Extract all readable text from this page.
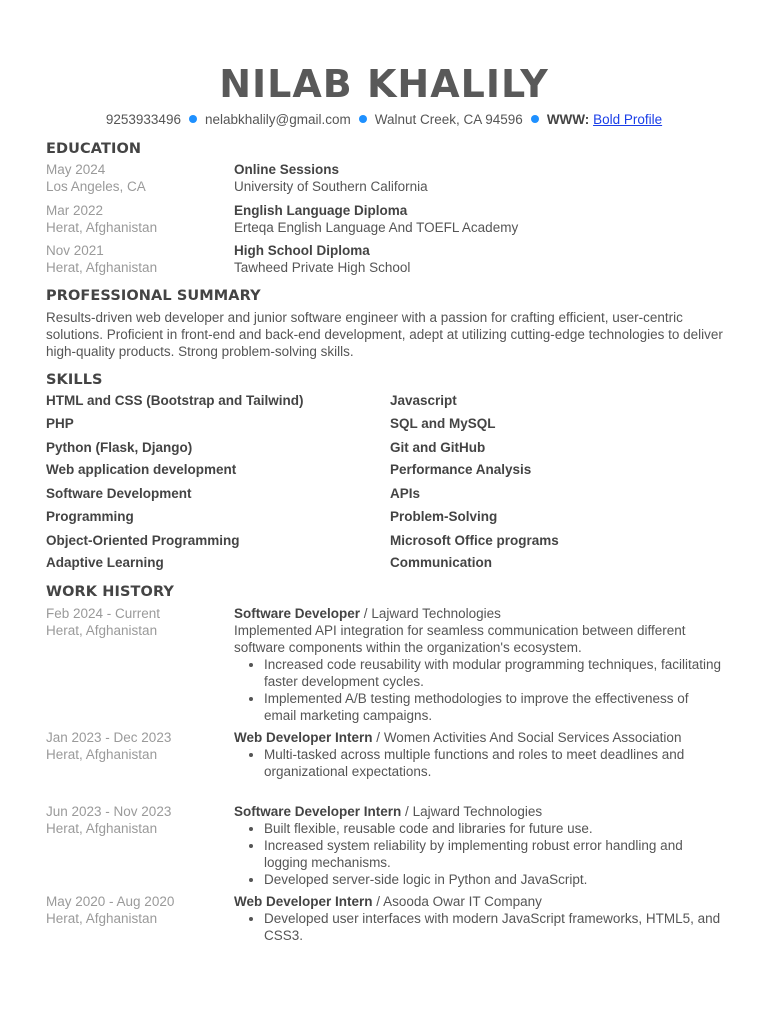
NILAB KHALILY
9253933496 nelabkhalily@gmail.com Walnut Creek, CA 94596 WWW: Bold Profile
EDUCATION

May 2024

Los Angeles, CA

Online Sessions

University of Southern California

Mar 2022

Herat, Afghanistan

English Language Diploma

Erteqa English Language And TOEFL Academy

Nov 2021

Herat, Afghanistan

High School Diploma

Tawheed Private High School

PROFESSIONAL SUMMARY
Results-driven web developer and junior software engineer with a passion for crafting efficient, user-centric solutions. Proficient in front-end and back-end development, adept at utilizing cutting-edge technologies to deliver high-quality products. Strong problem-solving skills.
SKILLS
HTML and CSS (Bootstrap and Tailwind)
PHP
Python (Flask, Django)
Web application development
Software Development
Programming
Object-Oriented Programming
Adaptive Learning
Javascript
SQL and MySQL
Git and GitHub
Performance Analysis
APIs
Problem-Solving
Microsoft Office programs
Communication
WORK HISTORY

Feb 2024 - Current

Herat, Afghanistan

Software Developer / Lajward Technologies

Implemented API integration for seamless communication between different software components within the organization's ecosystem.

• Increased code reusability with modular programming techniques, facilitating faster development cycles.
• Implemented A/B testing methodologies to improve the effectiveness of email marketing campaigns.

Jan 2023 - Dec 2023

Herat, Afghanistan

Web Developer Intern / Women Activities And Social Services Association

• Multi-tasked across multiple functions and roles to meet deadlines and organizational expectations.

Jun 2023 - Nov 2023

Herat, Afghanistan

Software Developer Intern / Lajward Technologies

• Built flexible, reusable code and libraries for future use.
• Increased system reliability by implementing robust error handling and logging mechanisms.
• Developed server-side logic in Python and JavaScript.

May 2020 - Aug 2020

Herat, Afghanistan

Web Developer Intern / Asooda Owar IT Company

• Developed user interfaces with modern JavaScript frameworks, HTML5, and CSS3.
